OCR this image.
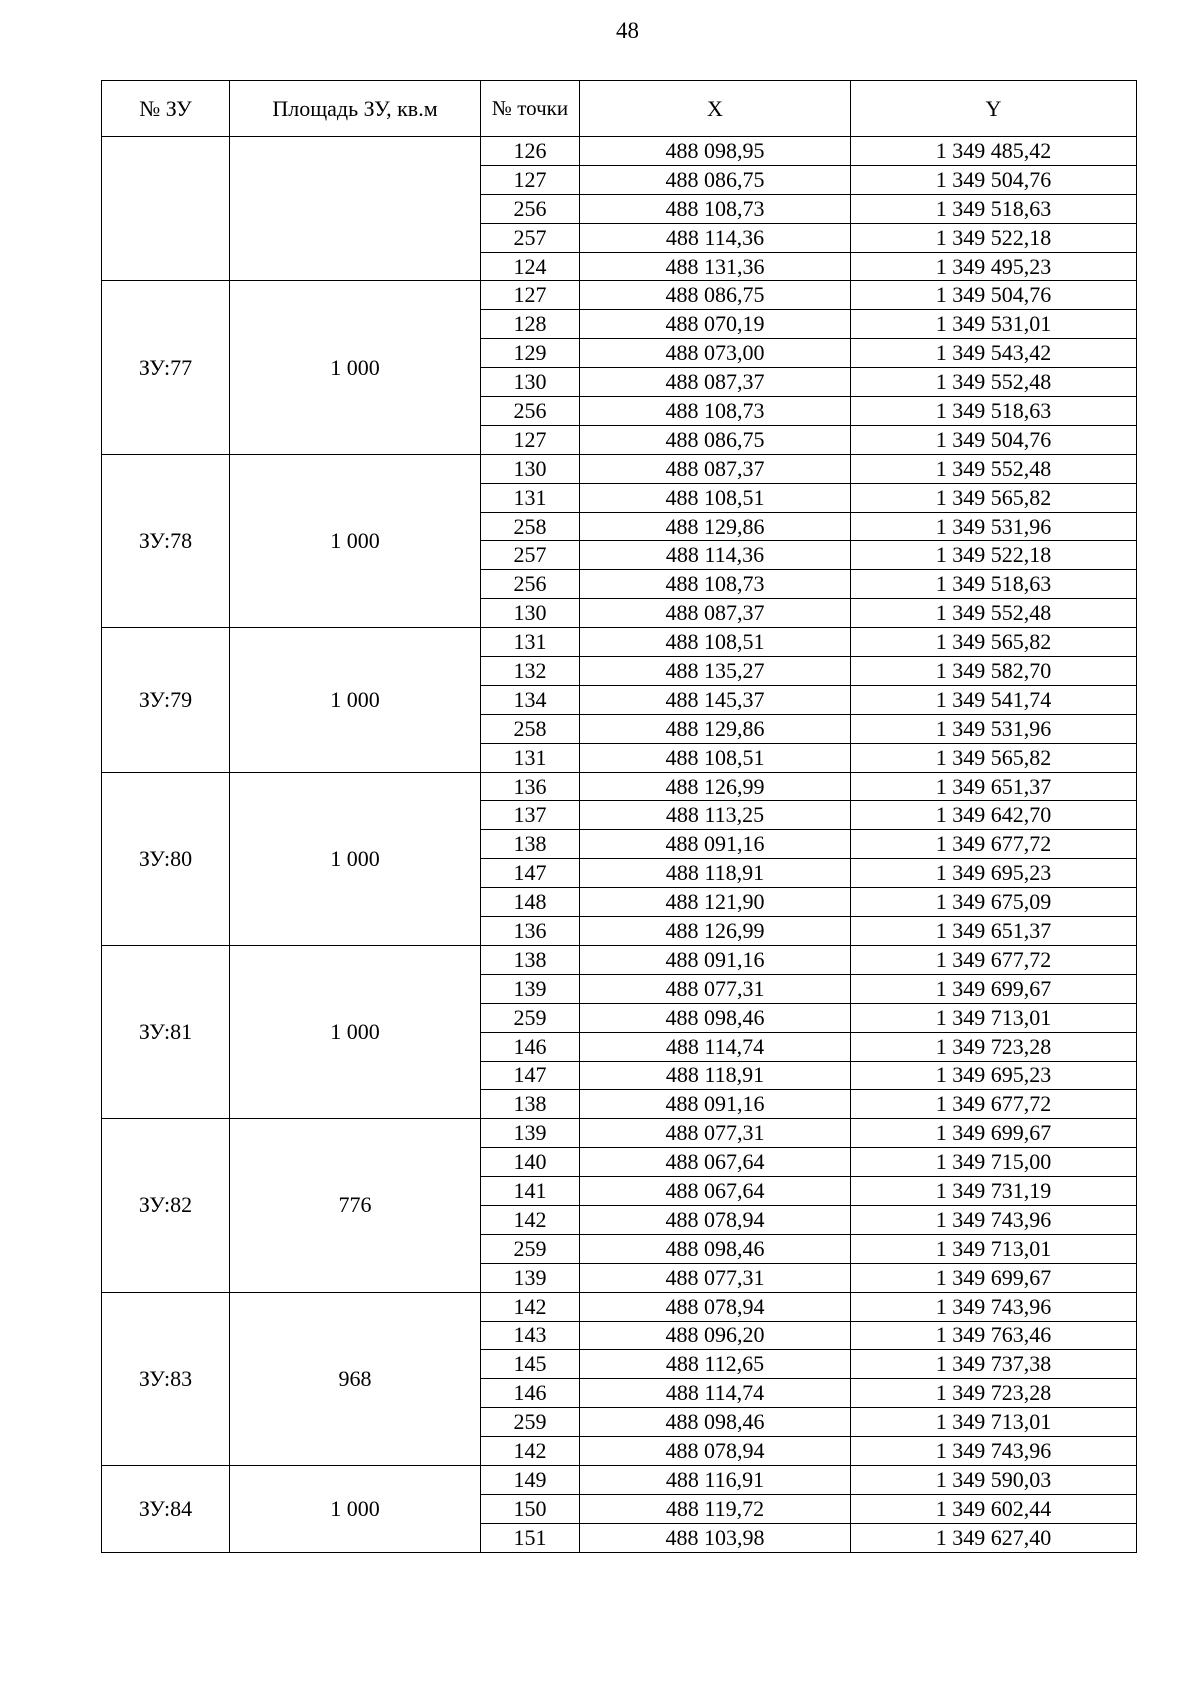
48
№ ЗУ	Площадь ЗУ, кв.м	№ точки	X	Y
		126	488 098,95	1 349 485,42
		127	488 086,75	1 349 504,76
		256	488 108,73	1 349 518,63
		257	488 114,36	1 349 522,18
		124	488 131,36	1 349 495,23
ЗУ:77	1 000	127	488 086,75	1 349 504,76
		128	488 070,19	1 349 531,01
		129	488 073,00	1 349 543,42
		130	488 087,37	1 349 552,48
		256	488 108,73	1 349 518,63
		127	488 086,75	1 349 504,76
ЗУ:78	1 000	130	488 087,37	1 349 552,48
		131	488 108,51	1 349 565,82
		258	488 129,86	1 349 531,96
		257	488 114,36	1 349 522,18
		256	488 108,73	1 349 518,63
		130	488 087,37	1 349 552,48
ЗУ:79	1 000	131	488 108,51	1 349 565,82
		132	488 135,27	1 349 582,70
		134	488 145,37	1 349 541,74
		258	488 129,86	1 349 531,96
		131	488 108,51	1 349 565,82
ЗУ:80	1 000	136	488 126,99	1 349 651,37
		137	488 113,25	1 349 642,70
		138	488 091,16	1 349 677,72
		147	488 118,91	1 349 695,23
		148	488 121,90	1 349 675,09
		136	488 126,99	1 349 651,37
ЗУ:81	1 000	138	488 091,16	1 349 677,72
		139	488 077,31	1 349 699,67
		259	488 098,46	1 349 713,01
		146	488 114,74	1 349 723,28
		147	488 118,91	1 349 695,23
		138	488 091,16	1 349 677,72
ЗУ:82	776	139	488 077,31	1 349 699,67
		140	488 067,64	1 349 715,00
		141	488 067,64	1 349 731,19
		142	488 078,94	1 349 743,96
		259	488 098,46	1 349 713,01
		139	488 077,31	1 349 699,67
ЗУ:83	968	142	488 078,94	1 349 743,96
		143	488 096,20	1 349 763,46
		145	488 112,65	1 349 737,38
		146	488 114,74	1 349 723,28
		259	488 098,46	1 349 713,01
		142	488 078,94	1 349 743,96
ЗУ:84	1 000	149	488 116,91	1 349 590,03
		150	488 119,72	1 349 602,44
		151	488 103,98	1 349 627,40
